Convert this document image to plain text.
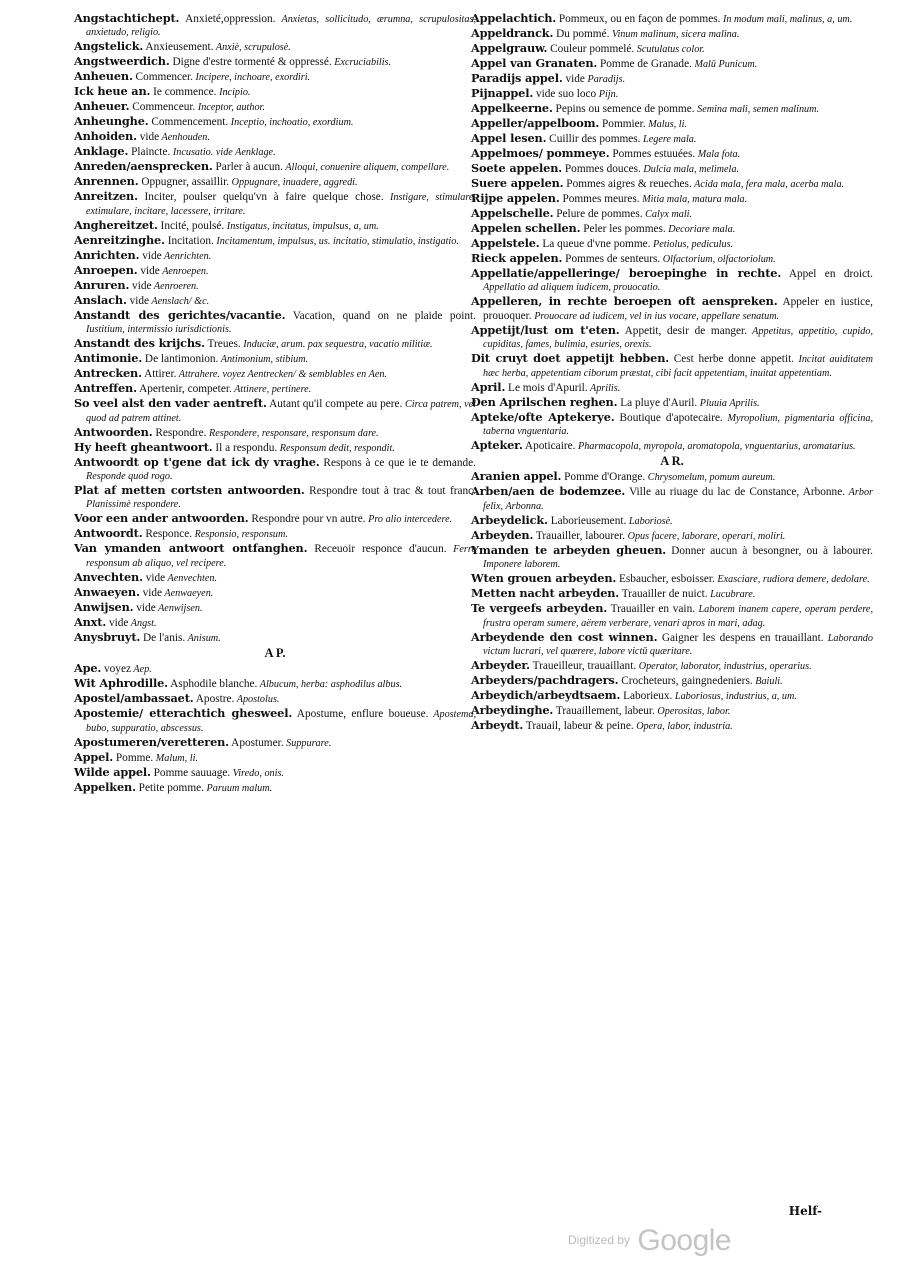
Angstachtichept. Anxieté,oppression. Anxietas, sollicitudo, ærumna, scrupulositas, anxietudo, religio.
Angstelick. Anxieusement. Anxiè, scrupulosè.
Angstweerdich. Digne d'estre tormenté & oppressé. Excruciabilis.
Anheuen. Commencer. Incipere, inchoare, exordiri.
Ick heue an. Ie commence. Incipio.
Anheuer. Commenceur. Inceptor, author.
Anheunghe. Commencement. Inceptio, inchoatio, exordium.
Anhoiden. vide Aenhouden.
Anklage. Plaincte. Incusatio. vide Aenklage.
Anreden/aensprecken. Parler à aucun. Alloqui, conuenire aliquem, compellare.
Anrennen. Oppugner, assaillir. Oppugnare, inuadere, aggredi.
Anreitzen. Inciter, poulser quelqu'vn à faire quelque chose. Instigare, stimulare, extimulare, incitare, lacessere, irritare.
Anghereitzet. Incité, poulsé. Instigatus, incitatus, impulsus, a, um.
Aenreitzinghe. Incitation. Incitamentum, impulsus, us. incitatio, stimulatio, instigatio.
Anrichten. vide Aenrichten.
Anroepen. vide Aenroepen.
Anruren. vide Aenroeren.
Anslach. vide Aenslach/ &c.
Anstandt des gerichtes/vacantie. Vacation, quand on ne plaide point. Iustitium, intermissio iurisdictionis.
Anstandt des krijchs. Treues. Induciæ, arum. pax sequestra, vacatio militiæ.
Antimonie. De lantimonion. Antimonium, stibium.
Antrecken. Attirer. Attrahere. voyez Aentrecken/ & semblables en Aen.
Antreffen. Apertenir, competer. Attinere, pertinere.
So veel alst den vader aentreft. Autant qu'il compete au pere. Circa patrem, vel quod ad patrem attinet.
Antwoorden. Respondre. Respondere, responsare, responsum dare.
Hy heeft gheantwoort. Il a respondu. Responsum dedit, respondit.
Antwoordt op t'gene dat ick dy vraghe. Respons à ce que ie te demande. Responde quod rogo.
Plat af metten cortsten antwoorden. Respondre tout à trac & tout franc. Planissimè respondere.
Voor een ander antwoorden. Respondre pour vn autre. Pro alio intercedere.
Antwoordt. Responce. Responsio, responsum.
Van ymanden antwoort ontfanghen. Receuoir responce d'aucun. Ferre responsum ab aliquo, vel recipere.
Anvechten. vide Aenvechten.
Anwaeyen. vide Aenwaeyen.
Anwijsen. vide Aenwijsen.
Anxt. vide Angst.
Anysbruyt. De l'anis. Anisum.
A P.
Ape. voyez Aep.
Wit Aphrodille. Asphodile blanche. Albucum, herba: asphodilus albus.
Apostel/ambassaet. Apostre. Apostolus.
Apostemie/ etterachtich ghesweel. Apostume, enflure boueuse. Apostema, bubo, suppuratio, abscessus.
Apostumeren/veretteren. Apostumer. Suppurare.
Appel. Pomme. Malum, li.
Wilde appel. Pomme sauuage. Viredo, onis.
Appelken. Petite pomme. Paruum malum.
Appelachtich. Pommeux, ou en façon de pommes. In modum mali, malinus, a, um.
Appeldranck. Du pommé. Vinum malinum, sicera malina.
Appelgrauw. Couleur pommelé. Scutulatus color.
Appel van Granaten. Pomme de Granade. Malū Punicum.
Paradijs appel. vide Paradijs.
Pijnappel. vide suo loco Pijn.
Appelkeerne. Pepins ou semence de pomme. Semina mali, semen malinum.
Appeller/appelboom. Pommier. Malus, li.
Appel lesen. Cuillir des pommes. Legere mala.
Appelmoes/ pommeye. Pommes estuuées. Mala fota.
Soete appelen. Pommes douces. Dulcia mala, melimela.
Suere appelen. Pommes aigres & reueches. Acida mala, fera mala, acerba mala.
Rijpe appelen. Pommes meures. Mitia mala, matura mala.
Appelschelle. Pelure de pommes. Calyx mali.
Appelen schellen. Peler les pommes. Decoriare mala.
Appelstele. La queue d'vne pomme. Petiolus, pediculus.
Rieck appelen. Pommes de senteurs. Olfactorium, olfactoriolum.
Appellatie/appelleringe/ beroepinghe in rechte. Appel en droict. Appellatio ad aliquem iudicem, prouocatio.
Appelleren, in rechte beroepen oft aenspreken. Appeler en iustice, prouoquer. Prouocare ad iudicem, vel in ius vocare, appellare senatum.
Appetijt/lust om t'eten. Appetit, desir de manger. Appetitus, appetitio, cupido, cupiditas, fames, bulimia, esuries, orexis.
Dit cruyt doet appetijt hebben. Cest herbe donne appetit. Incitat auiditatem hæc herba, appetentiam ciborum præstat, cibi facit appetentiam, inuitat appetentiam.
April. Le mois d'Apuril. Aprilis.
Den Aprilschen reghen. La pluye d'Auril. Pluuia Aprilis.
Apteke/ofte Aptekerye. Boutique d'apotecaire. Myropolium, pigmentaria officina, taberna vnguentaria.
Apteker. Apoticaire. Pharmacopola, myropola, aromatopola, vnguentarius, aromatarius.
A R.
Aranien appel. Pomme d'Orange. Chrysomelum, pomum aureum.
Arben/aen de bodemzee. Ville au riuage du lac de Constance, Arbonne. Arbor felix, Arbonna.
Arbeydelick. Laborieusement. Laboriosè.
Arbeyden. Trauailler, labourer. Opus facere, laborare, operari, moliri.
Ymanden te arbeyden gheuen. Donner aucun à besongner, ou à labourer. Imponere laborem.
Wten grouen arbeyden. Esbaucher, esboisser. Exasciare, rudiora demere, dedolare.
Metten nacht arbeyden. Trauailler de nuict. Lucubrare.
Te vergeefs arbeyden. Trauailler en vain. Laborem inanem capere, operam perdere, frustra operam sumere, aërem verberare, venari apros in mari, adag.
Arbeydende den cost winnen. Gaigner les despens en trauaillant. Laborando victum lucrari, vel quærere, labore victū quæritare.
Arbeyder. Traueilleur, trauaillant. Operator, laborator, industrius, operarius.
Arbeyders/pachdragers. Crocheteurs, gaingnedeniers. Baiuli.
Arbeydich/arbeydtsaem. Laborieux. Laboriosus, industrius, a, um.
Arbeydinghe. Trauaillement, labeur. Operositas, labor.
Arbeydt. Trauail, labeur & peine. Opera, labor, industria.
Helf-
Digitized by Google
